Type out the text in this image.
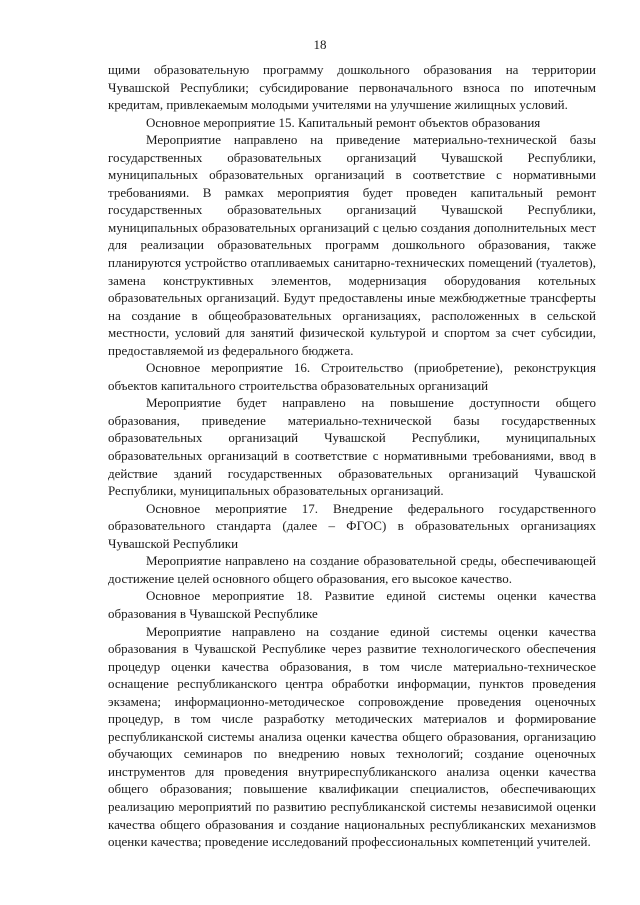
18

щими образовательную программу дошкольного образования на территории Чувашской Республики; субсидирование первоначального взноса по ипотечным кредитам, привлекаемым молодыми учителями на улучшение жилищных условий.

Основное мероприятие 15. Капитальный ремонт объектов образования

Мероприятие направлено на приведение материально-технической базы государственных образовательных организаций Чувашской Республики, муниципальных образовательных организаций в соответствие с нормативными требованиями. В рамках мероприятия будет проведен капитальный ремонт государственных образовательных организаций Чувашской Республики, муниципальных образовательных организаций с целью создания дополнительных мест для реализации образовательных программ дошкольного образования, также планируются устройство отапливаемых санитарно-технических помещений (туалетов), замена конструктивных элементов, модернизация оборудования котельных образовательных организаций. Будут предоставлены иные межбюджетные трансферты на создание в общеобразовательных организациях, расположенных в сельской местности, условий для занятий физической культурой и спортом за счет субсидии, предоставляемой из федерального бюджета.

Основное мероприятие 16. Строительство (приобретение), реконструкция объектов капитального строительства образовательных организаций

Мероприятие будет направлено на повышение доступности общего образования, приведение материально-технической базы государственных образовательных организаций Чувашской Республики, муниципальных образовательных организаций в соответствие с нормативными требованиями, ввод в действие зданий государственных образовательных организаций Чувашской Республики, муниципальных образовательных организаций.

Основное мероприятие 17. Внедрение федерального государственного образовательного стандарта (далее – ФГОС) в образовательных организациях Чувашской Республики

Мероприятие направлено на создание образовательной среды, обеспечивающей достижение целей основного общего образования, его высокое качество.

Основное мероприятие 18. Развитие единой системы оценки качества образования в Чувашской Республике

Мероприятие направлено на создание единой системы оценки качества образования в Чувашской Республике через развитие технологического обеспечения процедур оценки качества образования, в том числе материально-техническое оснащение республиканского центра обработки информации, пунктов проведения экзамена; информационно-методическое сопровождение проведения оценочных процедур, в том числе разработку методических материалов и формирование республиканской системы анализа оценки качества общего образования, организацию обучающих семинаров по внедрению новых технологий; создание оценочных инструментов для проведения внутриреспубликанского анализа оценки качества общего образования; повышение квалификации специалистов, обеспечивающих реализацию мероприятий по развитию республиканской системы независимой оценки качества общего образования и создание национальных республиканских механизмов оценки качества; проведение исследований профессиональных компетенций учителей.
